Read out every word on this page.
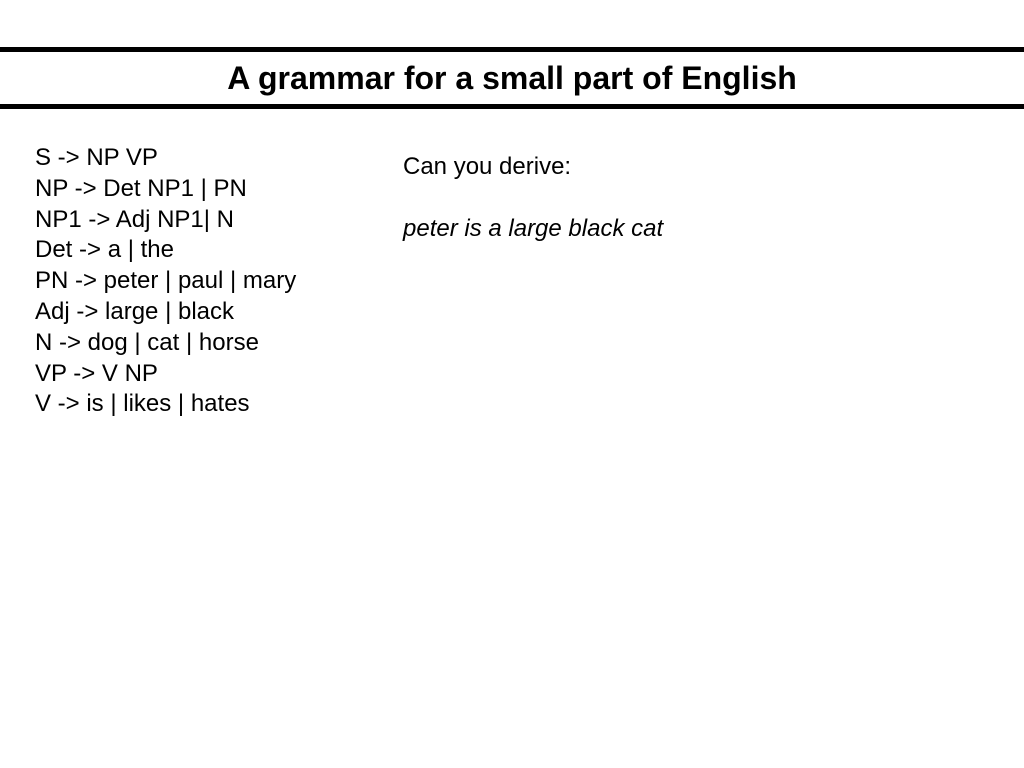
A grammar for a small part of English
S -> NP VP
NP -> Det NP1 | PN
NP1 -> Adj NP1| N
Det -> a | the
PN -> peter | paul | mary
Adj -> large | black
N -> dog | cat | horse
VP -> V NP
V -> is | likes | hates
Can you derive:
peter is a large black cat
